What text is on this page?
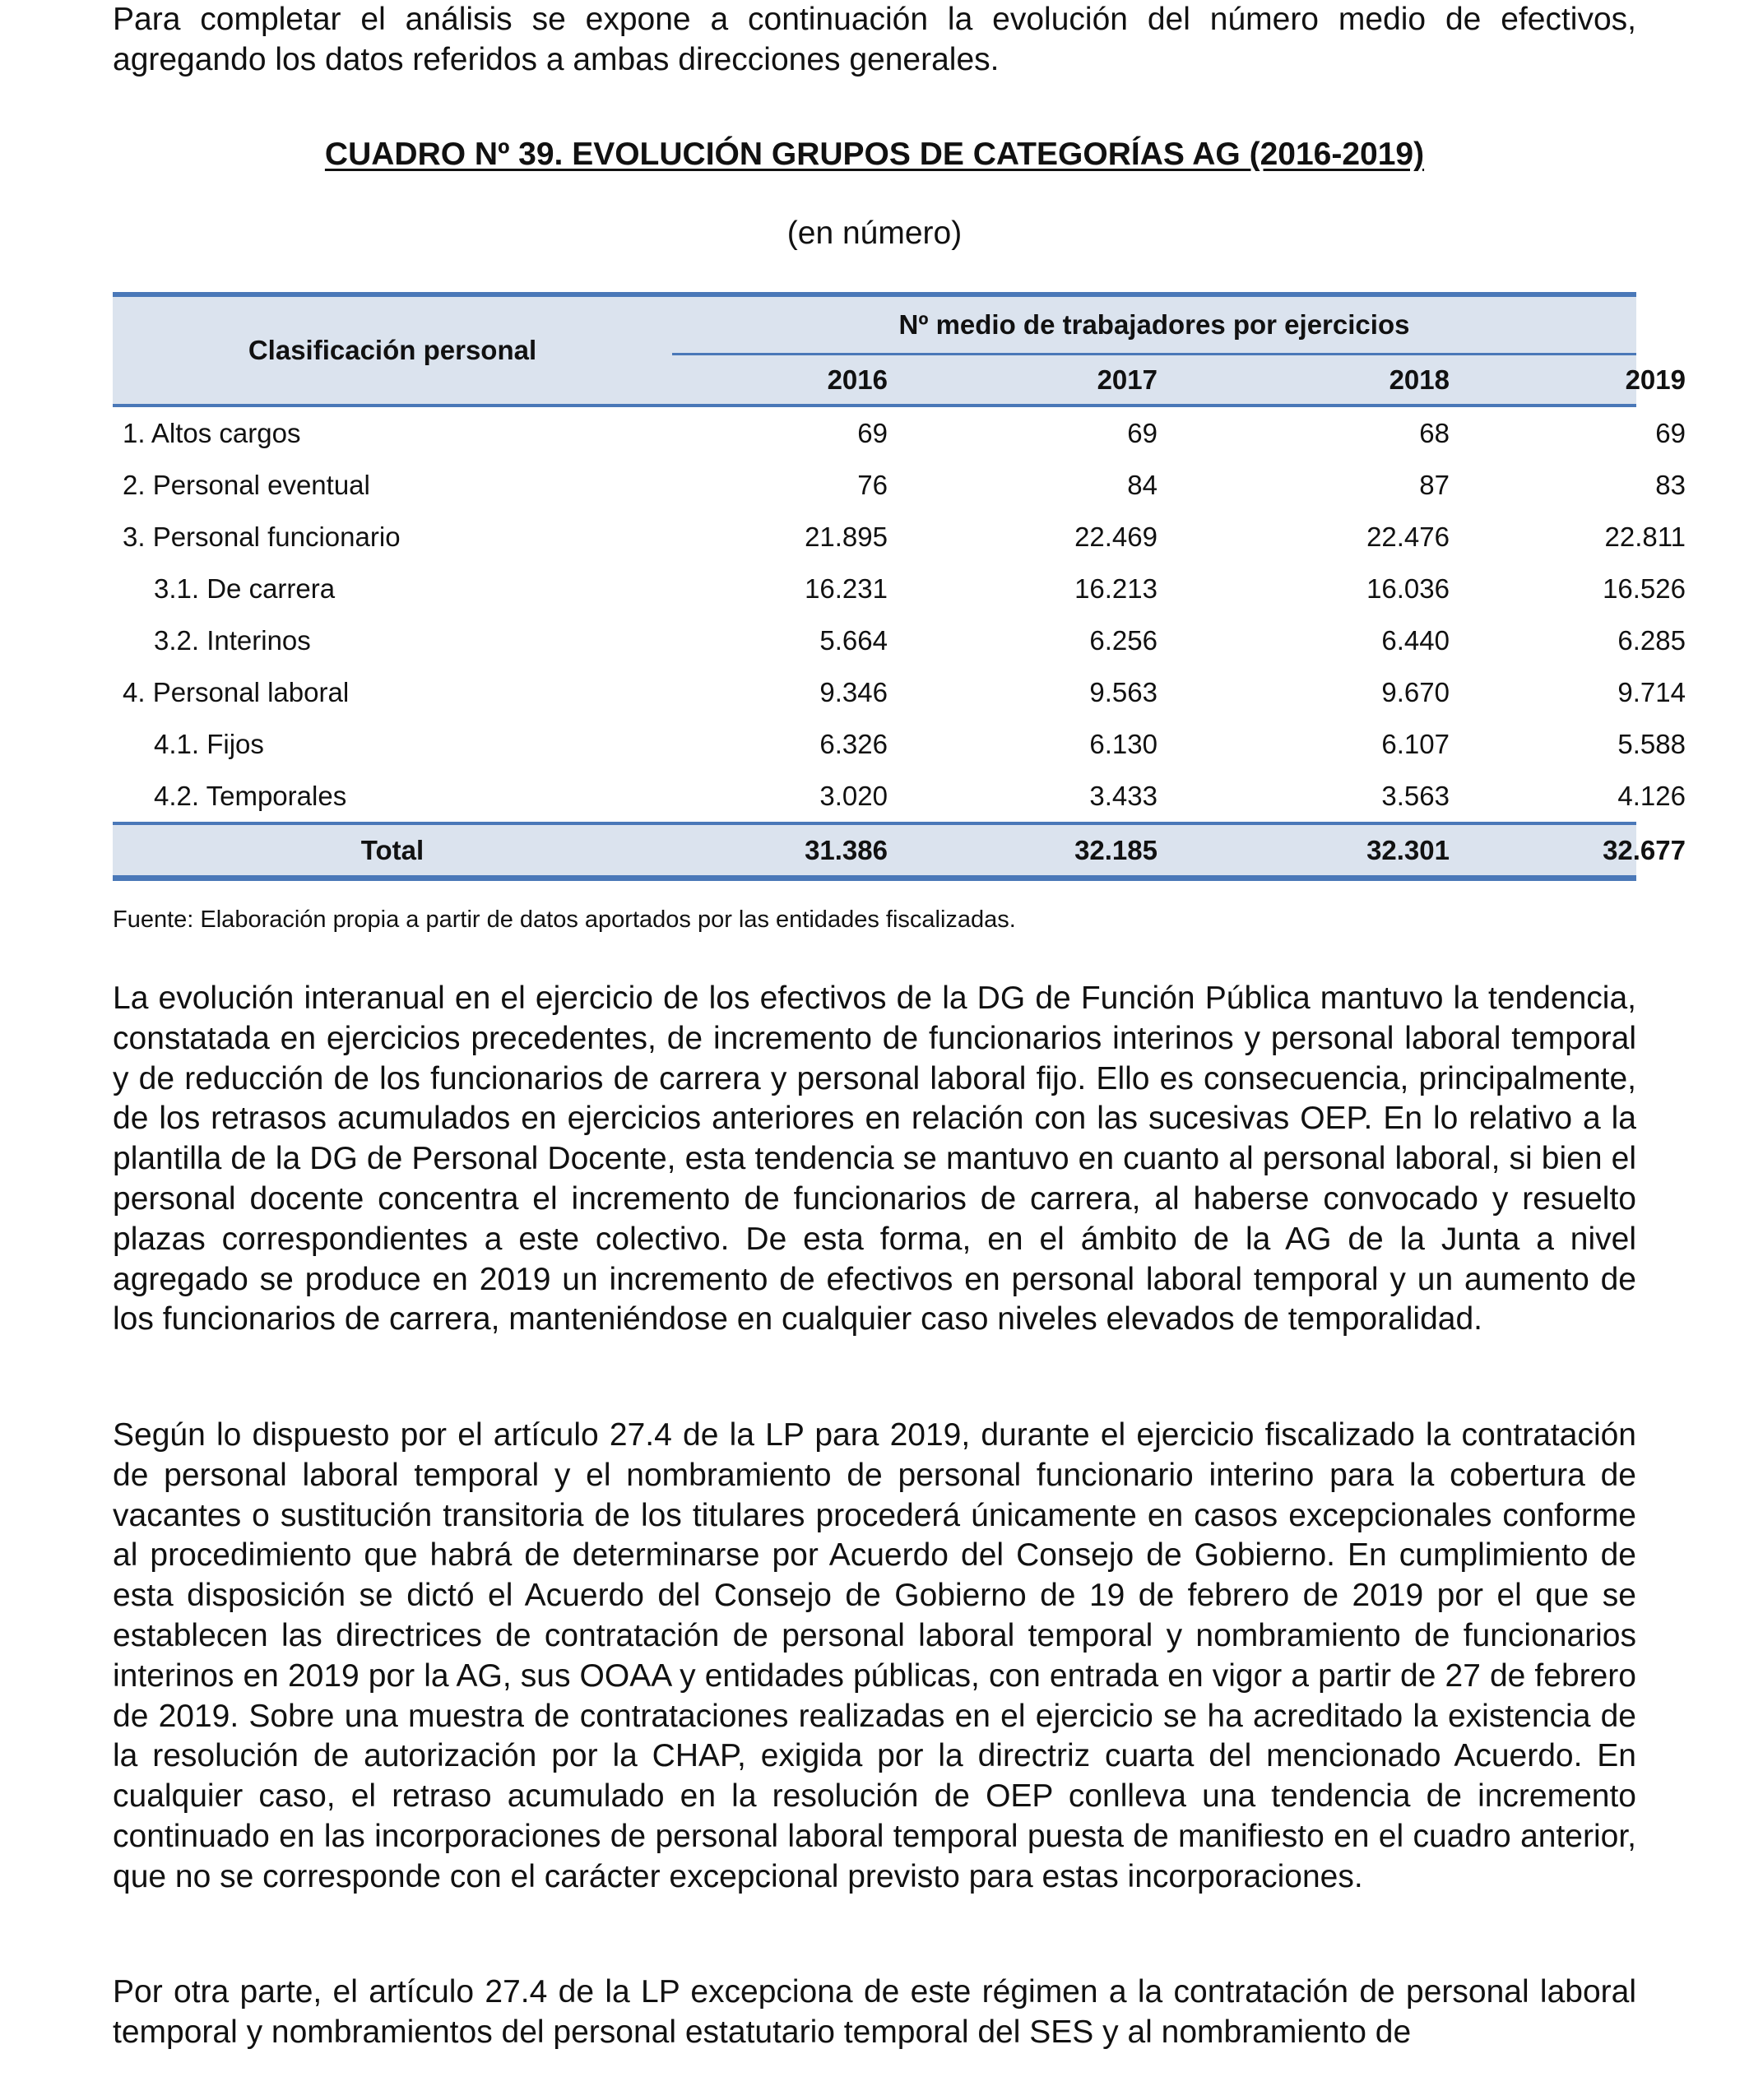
Para completar el análisis se expone a continuación la evolución del número medio de efectivos, agregando los datos referidos a ambas direcciones generales.

CUADRO Nº 39. EVOLUCIÓN GRUPOS DE CATEGORÍAS AG (2016-2019)

(en número)

Clasificación personal
Nº medio de trabajadores por ejercicios
2016	2017	2018	2019
1. Altos cargos	69	69	68	69
2. Personal eventual	76	84	87	83
3. Personal funcionario	21.895	22.469	22.476	22.811
3.1. De carrera	16.231	16.213	16.036	16.526
3.2. Interinos	5.664	6.256	6.440	6.285
4. Personal laboral	9.346	9.563	9.670	9.714
4.1. Fijos	6.326	6.130	6.107	5.588
4.2. Temporales	3.020	3.433	3.563	4.126
Total	31.386	32.185	32.301	32.677

Fuente: Elaboración propia a partir de datos aportados por las entidades fiscalizadas.

La evolución interanual en el ejercicio de los efectivos de la DG de Función Pública mantuvo la tendencia, constatada en ejercicios precedentes, de incremento de funcionarios interinos y personal laboral temporal y de reducción de los funcionarios de carrera y personal laboral fijo. Ello es consecuencia, principalmente, de los retrasos acumulados en ejercicios anteriores en relación con las sucesivas OEP. En lo relativo a la plantilla de la DG de Personal Docente, esta tendencia se mantuvo en cuanto al personal laboral, si bien el personal docente concentra el incremento de funcionarios de carrera, al haberse convocado y resuelto plazas correspondientes a este colectivo. De esta forma, en el ámbito de la AG de la Junta a nivel agregado se produce en 2019 un incremento de efectivos en personal laboral temporal y un aumento de los funcionarios de carrera, manteniéndose en cualquier caso niveles elevados de temporalidad.

Según lo dispuesto por el artículo 27.4 de la LP para 2019, durante el ejercicio fiscalizado la contratación de personal laboral temporal y el nombramiento de personal funcionario interino para la cobertura de vacantes o sustitución transitoria de los titulares procederá únicamente en casos excepcionales conforme al procedimiento que habrá de determinarse por Acuerdo del Consejo de Gobierno. En cumplimiento de esta disposición se dictó el Acuerdo del Consejo de Gobierno de 19 de febrero de 2019 por el que se establecen las directrices de contratación de personal laboral temporal y nombramiento de funcionarios interinos en 2019 por la AG, sus OOAA y entidades públicas, con entrada en vigor a partir de 27 de febrero de 2019. Sobre una muestra de contrataciones realizadas en el ejercicio se ha acreditado la existencia de la resolución de autorización por la CHAP, exigida por la directriz cuarta del mencionado Acuerdo. En cualquier caso, el retraso acumulado en la resolución de OEP conlleva una tendencia de incremento continuado en las incorporaciones de personal laboral temporal puesta de manifiesto en el cuadro anterior, que no se corresponde con el carácter excepcional previsto para estas incorporaciones.

Por otra parte, el artículo 27.4 de la LP excepciona de este régimen a la contratación de personal laboral temporal y nombramientos del personal estatutario temporal del SES y al nombramiento de
